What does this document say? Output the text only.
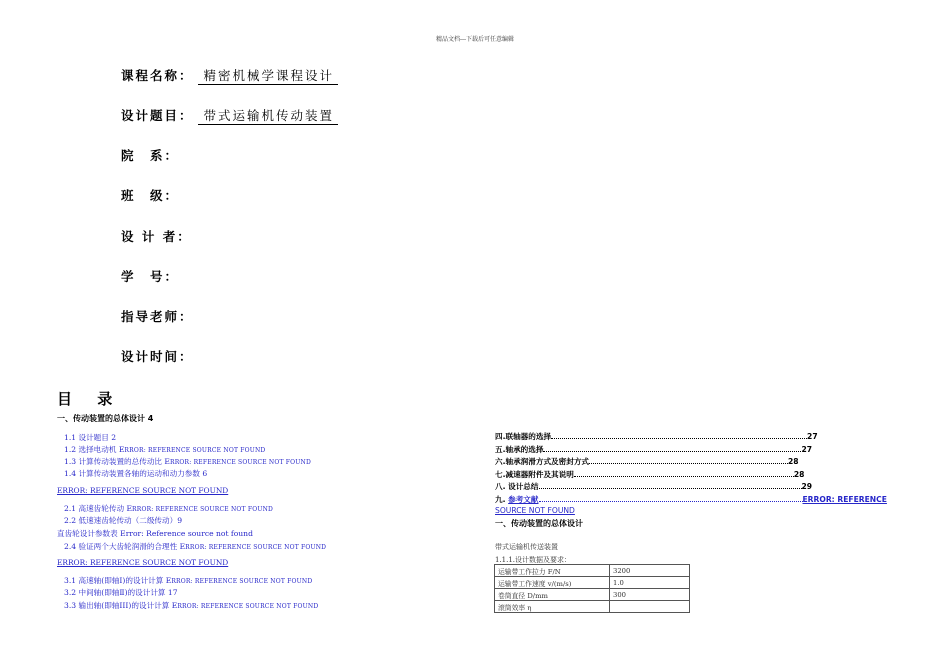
精品文档---下载后可任意编辑
课程名称： 精密机械学课程设计
设计题目： 带式运输机传动装置
院　系：
班　级：
设 计 者：
学　号：
指导老师：
设计时间：
目 录
一、传动装置的总体设计 4
1.1 设计题目 2
1.2 选择电动机 ERROR: REFERENCE SOURCE NOT FOUND
1.3 计算传动装置的总传动比 ERROR: REFERENCE SOURCE NOT FOUND
1.4 计算传动装置各轴的运动和动力参数 6
ERROR: REFERENCE SOURCE NOT FOUND
2.1 高速齿轮传动 ERROR: REFERENCE SOURCE NOT FOUND
2.2 低速速齿轮传动（二级传动）9
直齿轮设计参数表 Error: Reference source not found
2.4 验证两个大齿轮润滑的合理性 ERROR: REFERENCE SOURCE NOT FOUND
ERROR: REFERENCE SOURCE NOT FOUND
3.1 高速轴(即轴Ⅰ)的设计计算 ERROR: REFERENCE SOURCE NOT FOUND
3.2 中间轴(即轴Ⅱ)的设计计算 17
3.3 输出轴(即轴III)的设计计算 ERROR: REFERENCE SOURCE NOT FOUND
四.联轴器的选择	27
五.轴承的选择	27
六.轴承润滑方式及密封方式	28
七.减速器附件及其说明	28
八. 设计总结	29
九. 参考文献	ERROR: REFERENCE
SOURCE NOT FOUND
一、传动装置的总体设计
带式运输机传送装置
1.1.1.设计数据及要求：
运输带工作拉力 F/N	3200
运输带工作速度 v/(m/s)	1.0
卷筒直径 D/mm	300
滚筒效率 η	
